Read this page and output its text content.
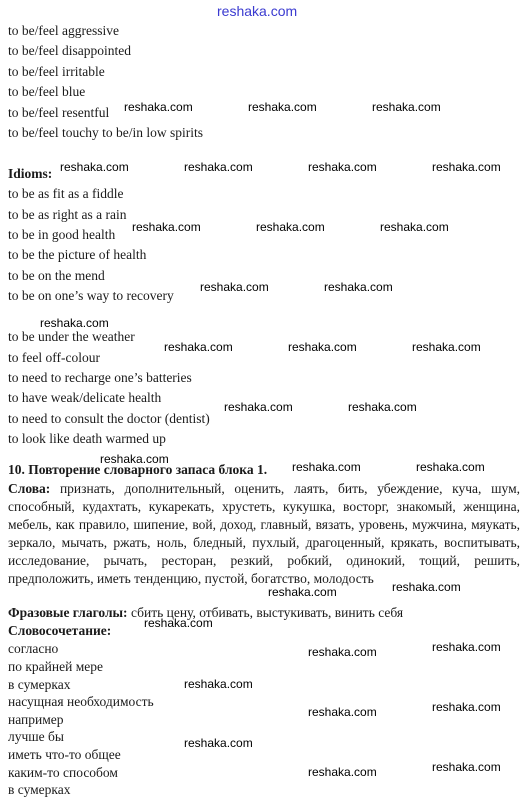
reshaka.com
to be/feel aggressive
to be/feel disappointed
to be/feel irritable
to be/feel blue
to be/feel resentful
to be/feel touchy to be/in low spirits
Idioms:
to be as fit as a fiddle
to be as right as a rain
to be in good health
to be the picture of health
to be on the mend
to be on one’s way to recovery
to be under the weather
to feel off-colour
to need to recharge one’s batteries
to have weak/delicate health
to need to consult the doctor (dentist)
to look like death warmed up
10. Повторение словарного запаса блока 1.
Слова: признать, дополнительный, оценить, лаять, бить, убеждение, куча, шум, способный, кудахтать, кукарекать, хрустеть, кукушка, восторг, знакомый, женщина, мебель, как правило, шипение, вой, доход, главный, вязать, уровень, мужчина, мяукать, зеркало, мычать, ржать, ноль, бледный, пухлый, драгоценный, крякать, воспитывать, исследование, рычать, ресторан, резкий, робкий, одинокий, тощий, решить, предположить, иметь тенденцию, пустой, богатство, молодость
Фразовые глаголы: сбить цену, отбивать, выстукивать, винить себя
Словосочетание:
согласно
по крайней мере
в сумерках
насущная необходимость
например
лучше бы
иметь что-то общее
каким-то способом
в сумерках
reshaka.com	reshaka.com	reshaka.com
reshaka.com	reshaka.com	reshaka.com	reshaka.com
reshaka.com	reshaka.com	reshaka.com
reshaka.com	reshaka.com
reshaka.com
reshaka.com	reshaka.com	reshaka.com
reshaka.com	reshaka.com
reshaka.com
reshaka.com	reshaka.com
reshaka.com
reshaka.com
reshaka.com
reshaka.com
reshaka.com
reshaka.com
reshaka.com
reshaka.com
reshaka.com
reshaka.com
reshaka.com
